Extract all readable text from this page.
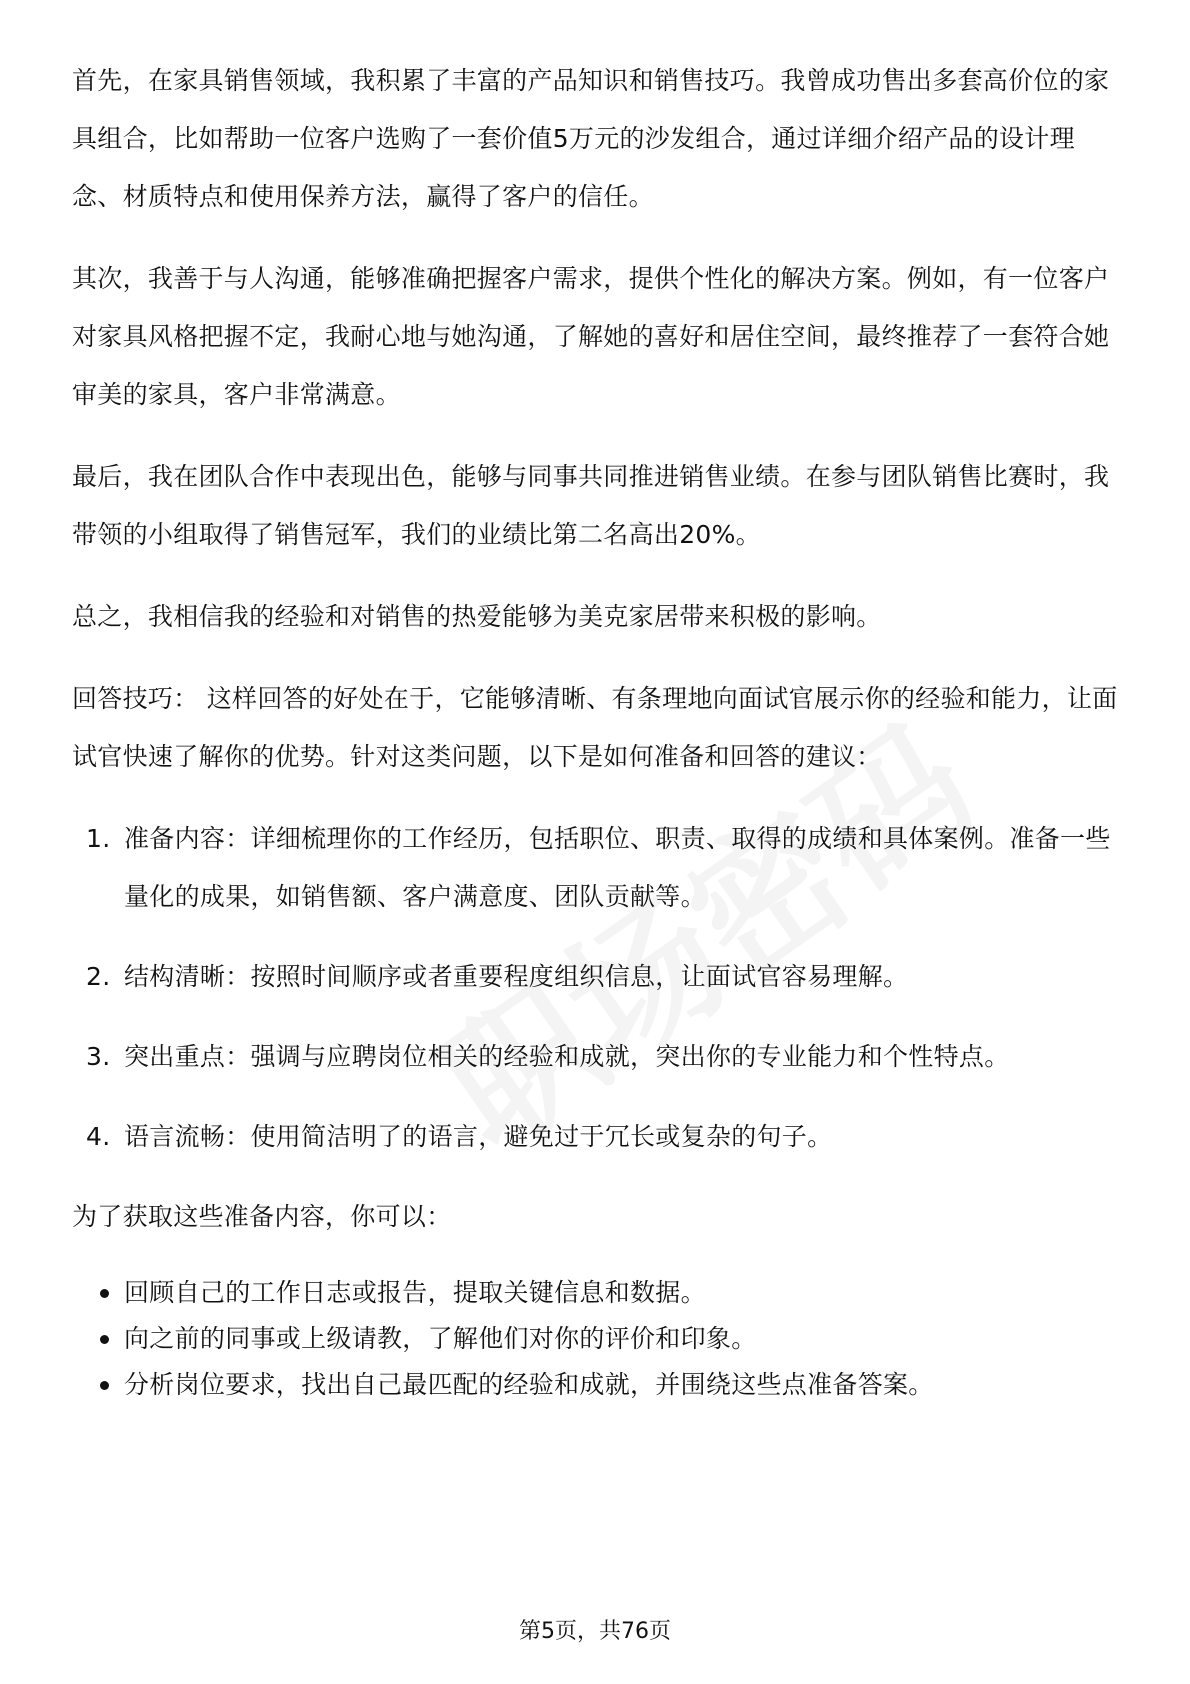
首先，在家具销售领域，我积累了丰富的产品知识和销售技巧。我曾成功售出多套高价位的家具组合，比如帮助一位客户选购了一套价值5万元的沙发组合，通过详细介绍产品的设计理念、材质特点和使用保养方法，赢得了客户的信任。

其次，我善于与人沟通，能够准确把握客户需求，提供个性化的解决方案。例如，有一位客户对家具风格把握不定，我耐心地与她沟通，了解她的喜好和居住空间，最终推荐了一套符合她审美的家具，客户非常满意。

最后，我在团队合作中表现出色，能够与同事共同推进销售业绩。在参与团队销售比赛时，我带领的小组取得了销售冠军，我们的业绩比第二名高出20%。

总之，我相信我的经验和对销售的热爱能够为美克家居带来积极的影响。

回答技巧： 这样回答的好处在于，它能够清晰、有条理地向面试官展示你的经验和能力，让面试官快速了解你的优势。针对这类问题，以下是如何准备和回答的建议：

1. 准备内容：详细梳理你的工作经历，包括职位、职责、取得的成绩和具体案例。准备一些量化的成果，如销售额、客户满意度、团队贡献等。
2. 结构清晰：按照时间顺序或者重要程度组织信息，让面试官容易理解。
3. 突出重点：强调与应聘岗位相关的经验和成就，突出你的专业能力和个性特点。
4. 语言流畅：使用简洁明了的语言，避免过于冗长或复杂的句子。

为了获取这些准备内容，你可以：

回顾自己的工作日志或报告，提取关键信息和数据。
向之前的同事或上级请教，了解他们对你的评价和印象。
分析岗位要求，找出自己最匹配的经验和成就，并围绕这些点准备答案。
第5页，共76页
